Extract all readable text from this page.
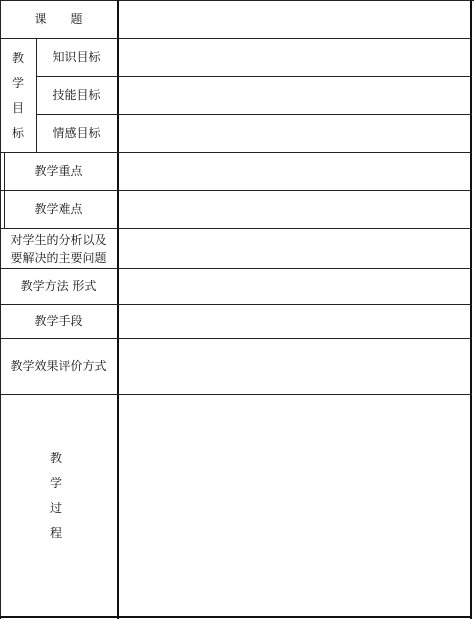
课　　题
教
学
目
标
知识目标
技能目标
情感目标
教学重点
教学难点
对学生的分析以及
要解决的主要问题
教学方法 形式
教学手段
教学效果评价方式
教
学
过
程
